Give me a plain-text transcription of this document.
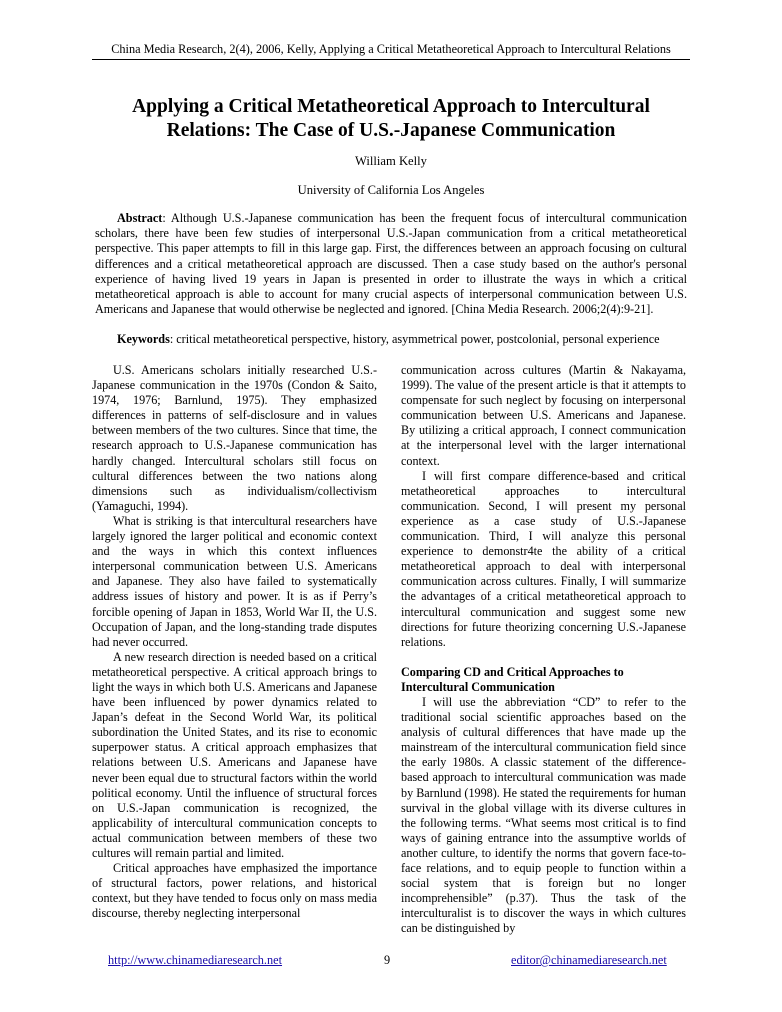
China Media Research, 2(4), 2006, Kelly, Applying a Critical Metatheoretical Approach to Intercultural Relations
Applying a Critical Metatheoretical Approach to Intercultural Relations: The Case of U.S.-Japanese Communication
William Kelly
University of California Los Angeles
Abstract: Although U.S.-Japanese communication has been the frequent focus of intercultural communication scholars, there have been few studies of interpersonal U.S.-Japan communication from a critical metatheoretical perspective. This paper attempts to fill in this large gap. First, the differences between an approach focusing on cultural differences and a critical metatheoretical approach are discussed. Then a case study based on the author's personal experience of having lived 19 years in Japan is presented in order to illustrate the ways in which a critical metatheoretical approach is able to account for many crucial aspects of interpersonal communication between U.S. Americans and Japanese that would otherwise be neglected and ignored. [China Media Research. 2006;2(4):9-21].
Keywords: critical metatheoretical perspective, history, asymmetrical power, postcolonial, personal experience

U.S. Americans scholars initially researched U.S.-Japanese communication in the 1970s (Condon & Saito, 1974, 1976; Barnlund, 1975). They emphasized differences in patterns of self-disclosure and in values between members of the two cultures. Since that time, the research approach to U.S.-Japanese communication has hardly changed. Intercultural scholars still focus on cultural differences between the two nations along dimensions such as individualism/collectivism (Yamaguchi, 1994).

What is striking is that intercultural researchers have largely ignored the larger political and economic context and the ways in which this context influences interpersonal communication between U.S. Americans and Japanese. They also have failed to systematically address issues of history and power. It is as if Perry’s forcible opening of Japan in 1853, World War II, the U.S. Occupation of Japan, and the long-standing trade disputes had never occurred.

A new research direction is needed based on a critical metatheoretical perspective. A critical approach brings to light the ways in which both U.S. Americans and Japanese have been influenced by power dynamics related to Japan’s defeat in the Second World War, its political subordination the United States, and its rise to economic superpower status. A critical approach emphasizes that relations between U.S. Americans and Japanese have never been equal due to structural factors within the world political economy. Until the influence of structural forces on U.S.-Japan communication is recognized, the applicability of intercultural communication concepts to actual communication between members of these two cultures will remain partial and limited.

Critical approaches have emphasized the importance of structural factors, power relations, and historical context, but they have tended to focus only on mass media discourse, thereby neglecting interpersonal

communication across cultures (Martin & Nakayama, 1999). The value of the present article is that it attempts to compensate for such neglect by focusing on interpersonal communication between U.S. Americans and Japanese. By utilizing a critical approach, I connect communication at the interpersonal level with the larger international context.

I will first compare difference-based and critical metatheoretical approaches to intercultural communication. Second, I will present my personal experience as a case study of U.S.-Japanese communication. Third, I will analyze this personal experience to demonstr4te the ability of a critical metatheoretical approach to deal with interpersonal communication across cultures. Finally, I will summarize the advantages of a critical metatheoretical approach to intercultural communication and suggest some new directions for future theorizing concerning U.S.-Japanese relations.

Comparing CD and Critical Approaches to Intercultural Communication

I will use the abbreviation “CD” to refer to the traditional social scientific approaches based on the analysis of cultural differences that have made up the mainstream of the intercultural communication field since the early 1980s. A classic statement of the difference-based approach to intercultural communication was made by Barnlund (1998). He stated the requirements for human survival in the global village with its diverse cultures in the following terms. “What seems most critical is to find ways of gaining entrance into the assumptive worlds of another culture, to identify the norms that govern face-to-face relations, and to equip people to function within a social system that is foreign but no longer incomprehensible” (p.37). Thus the task of the interculturalist is to discover the ways in which cultures can be distinguished by

http://www.chinamediaresearch.net	9	editor@chinamediaresearch.net
